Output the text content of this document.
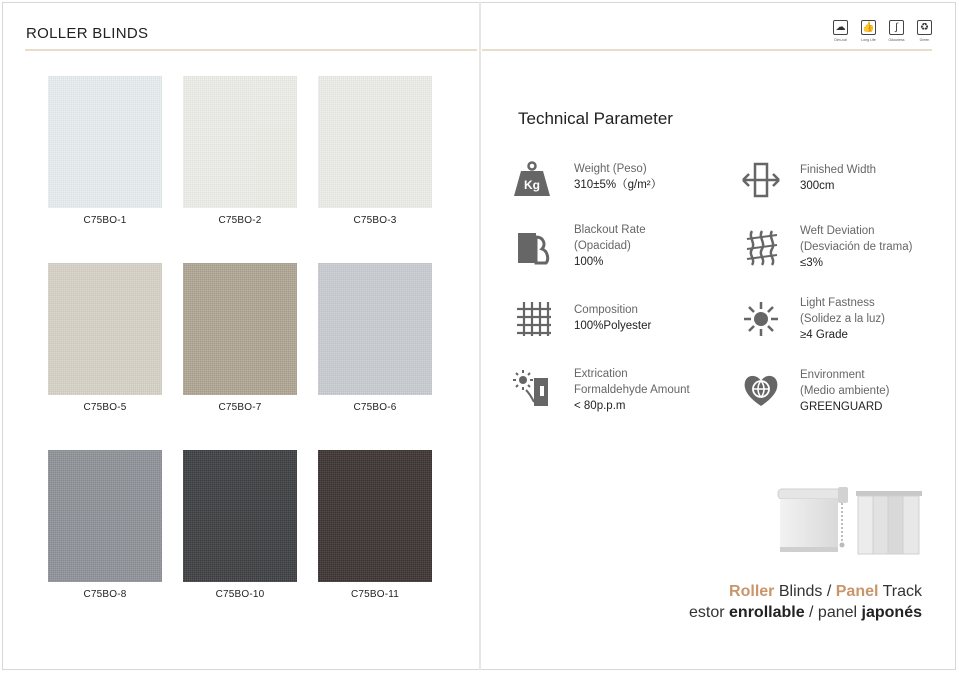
ROLLER BLINDS	☁
Dim-out
👍
Long Life
∫
Odourless
♻
Green
C75BO-1	C75BO-2	C75BO-3
C75BO-5	C75BO-7	C75BO-6
C75BO-8	C75BO-10	C75BO-11
Technical Parameter
Kg
Weight (Peso)
310±5%（g/m²）
Finished Width
300cm
Blackout Rate
(Opacidad)
100%
Weft Deviation
(Desviación de trama)
≤3%
Composition
100%Polyester
Light Fastness
(Solidez a la luz)
≥4 Grade
Extrication
Formaldehyde Amount
< 80p.p.m
Environment
(Medio ambiente)
GREENGUARD
Roller Blinds / Panel Track
estor enrollable / panel japonés
